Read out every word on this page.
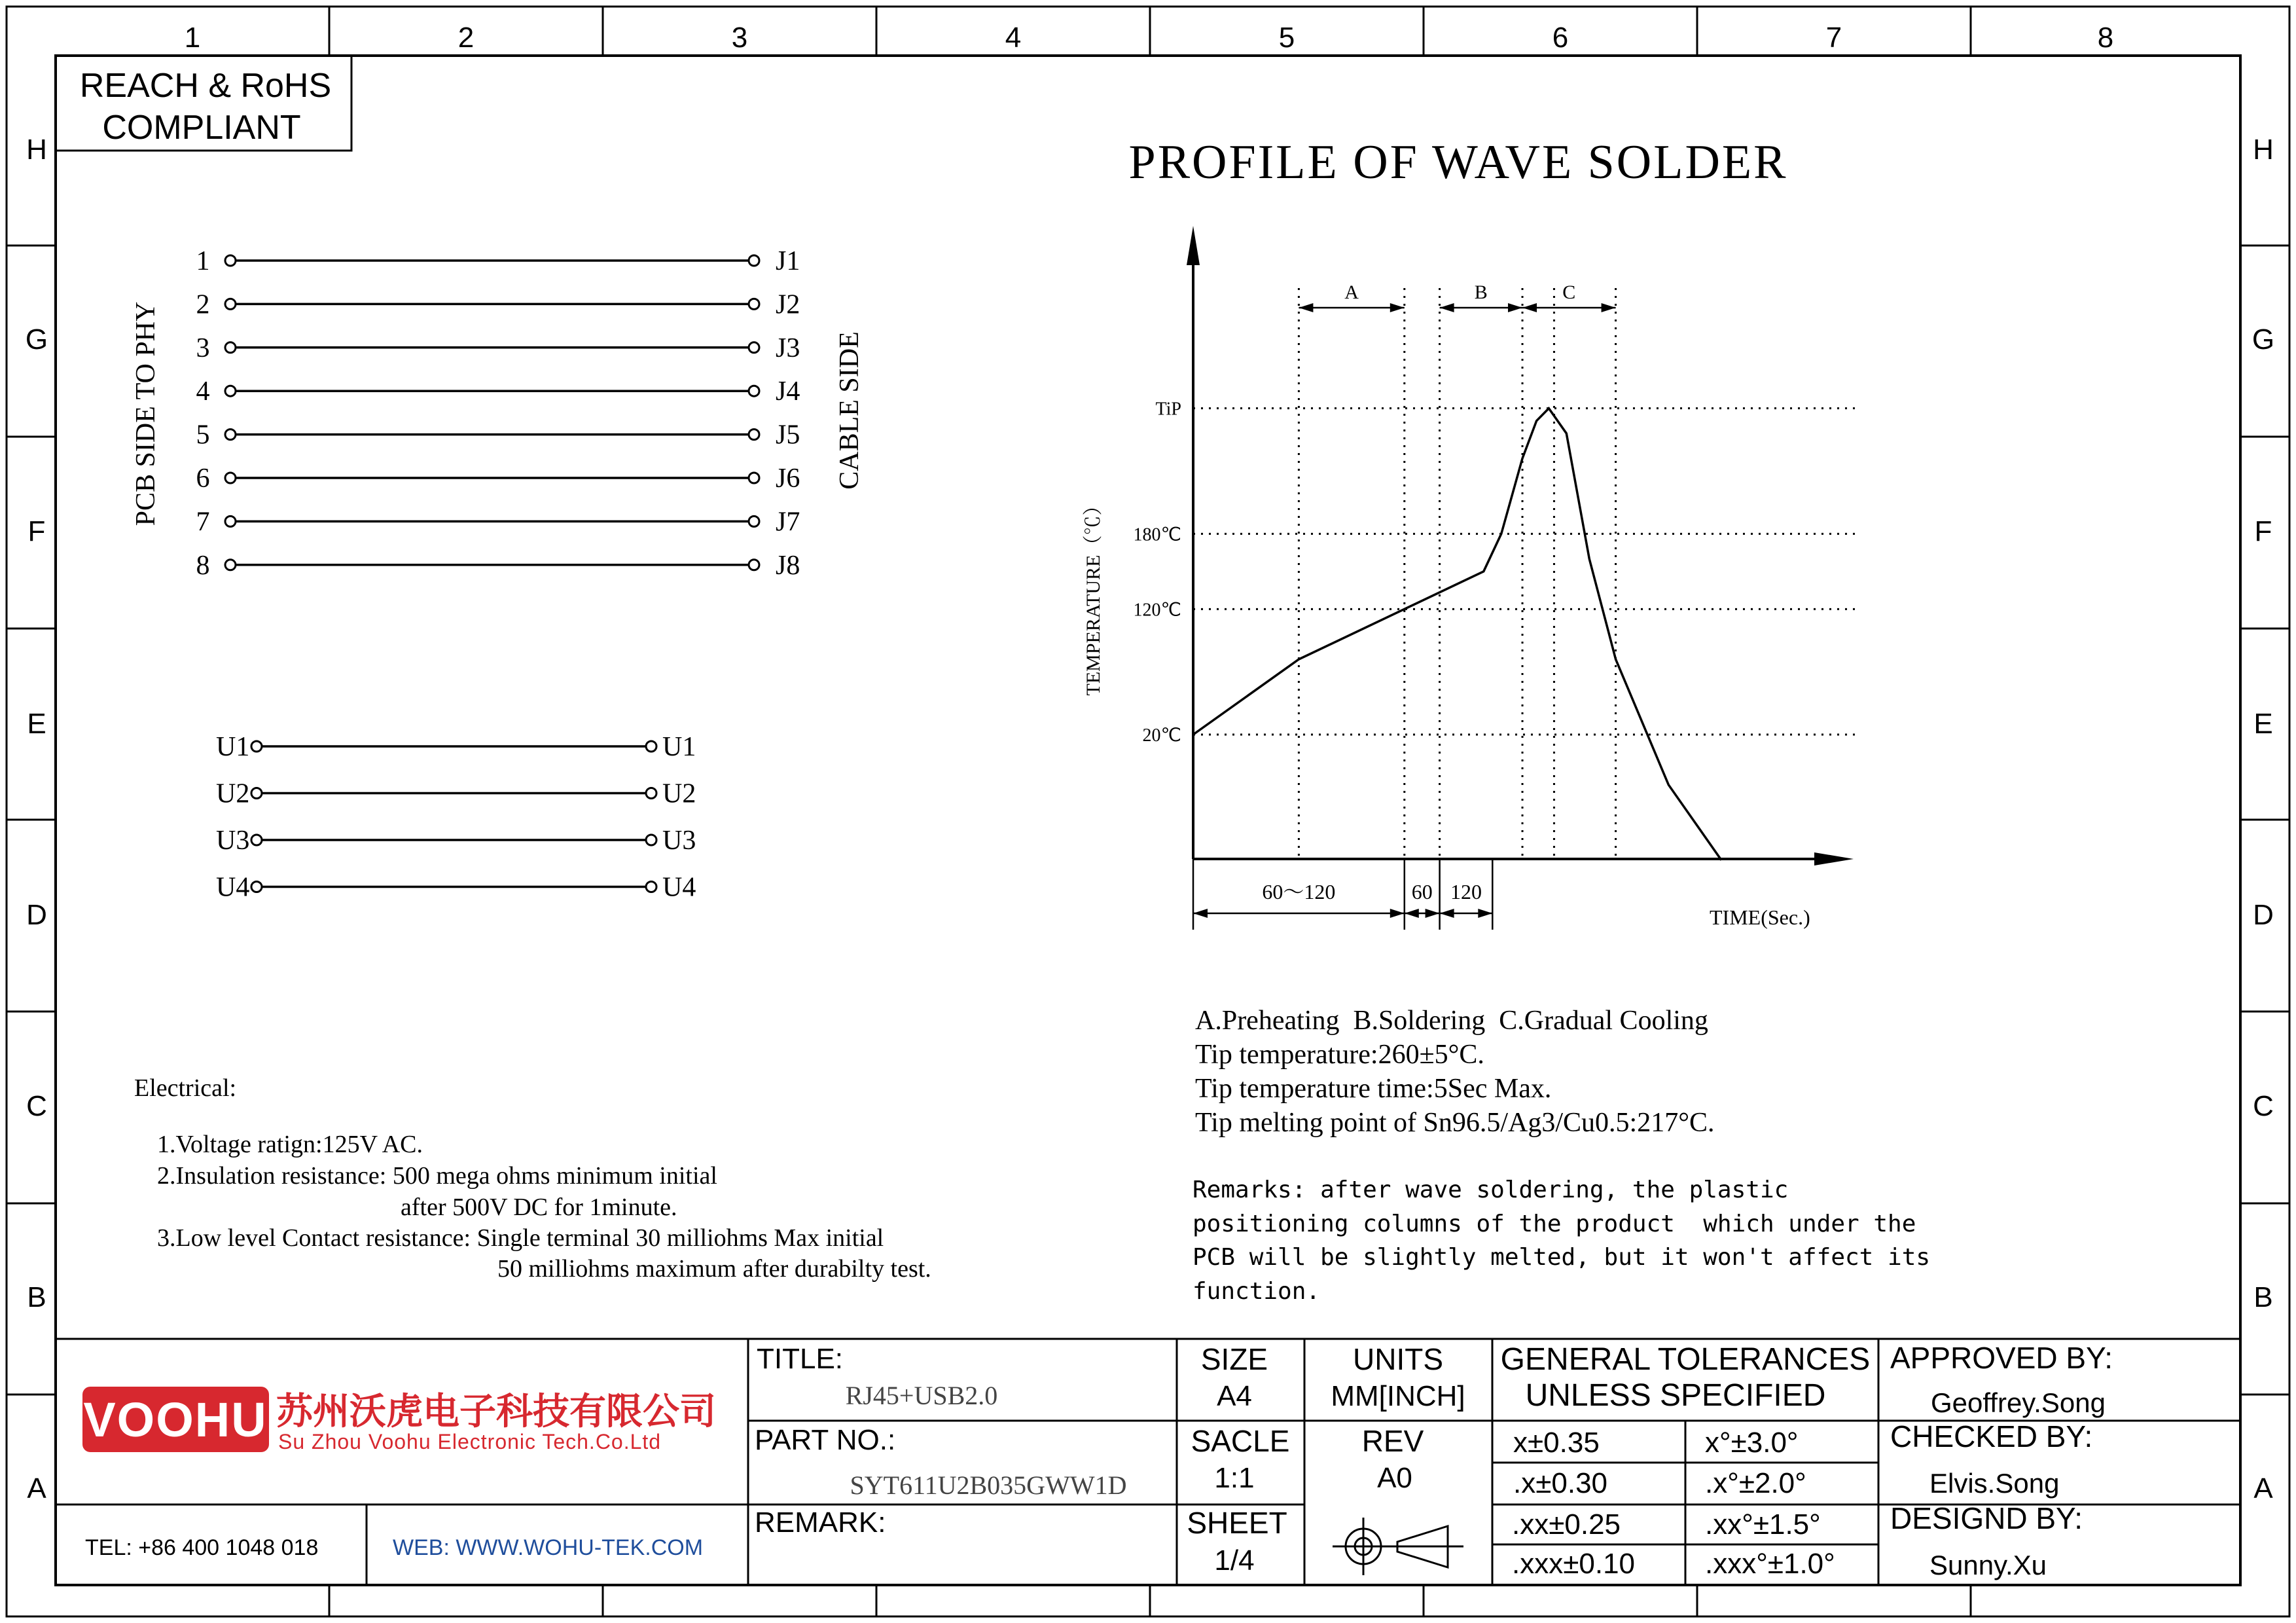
1	2	3	4	5	6	7	8
H	H
G	G
F	F
E	E
D	D
C	C
B	B
A	A
REACH & RoHS
COMPLIANT
PCB SIDE TO PHY	CABLE SIDE
1	J1
2	J2
3	J3
4	J4
5	J5
6	J6
7	J7
8	J8
U1	U1
U2	U2
U3	U3
U4	U4
Electrical:
1.Voltage ratign:125V AC.
2.Insulation resistance: 500 mega ohms minimum initial
after 500V DC for 1minute.
3.Low level Contact resistance: Single terminal 30 milliohms Max initial
50 milliohms maximum after durabilty test.
PROFILE OF WAVE SOLDER
TEMPERATURE（℃）
20℃
120℃
180℃
TiP
A	B	C
60～120	60 120
TIME(Sec.)
A.Preheating  B.Soldering  C.Gradual Cooling
Tip temperature:260±5°C.
Tip temperature time:5Sec Max.
Tip melting point of Sn96.5/Ag3/Cu0.5:217°C.
Remarks: after wave soldering, the plastic
positioning columns of the product  which under the
PCB will be slightly melted, but it won't affect its
function.
VOOHU 苏州沃虎电子科技有限公司
Su Zhou Voohu Electronic Tech.Co.Ltd
TEL: +86 400 1048 018	WEB: WWW.WOHU-TEK.COM
TITLE:
RJ45+USB2.0
PART NO.:
SYT611U2B035GWW1D
REMARK:
SIZE
A4
UNITS
MM[INCH]
SACLE
1:1
REV
A0
SHEET
1/4
GENERAL TOLERANCES
UNLESS SPECIFIED
x±0.35	x°±3.0°
.x±0.30	.x°±2.0°
.xx±0.25	.xx°±1.5°
.xxx±0.10 .xxx°±1.0°
APPROVED BY:
Geoffrey.Song
CHECKED BY:
Elvis.Song
DESIGND BY:
Sunny.Xu
